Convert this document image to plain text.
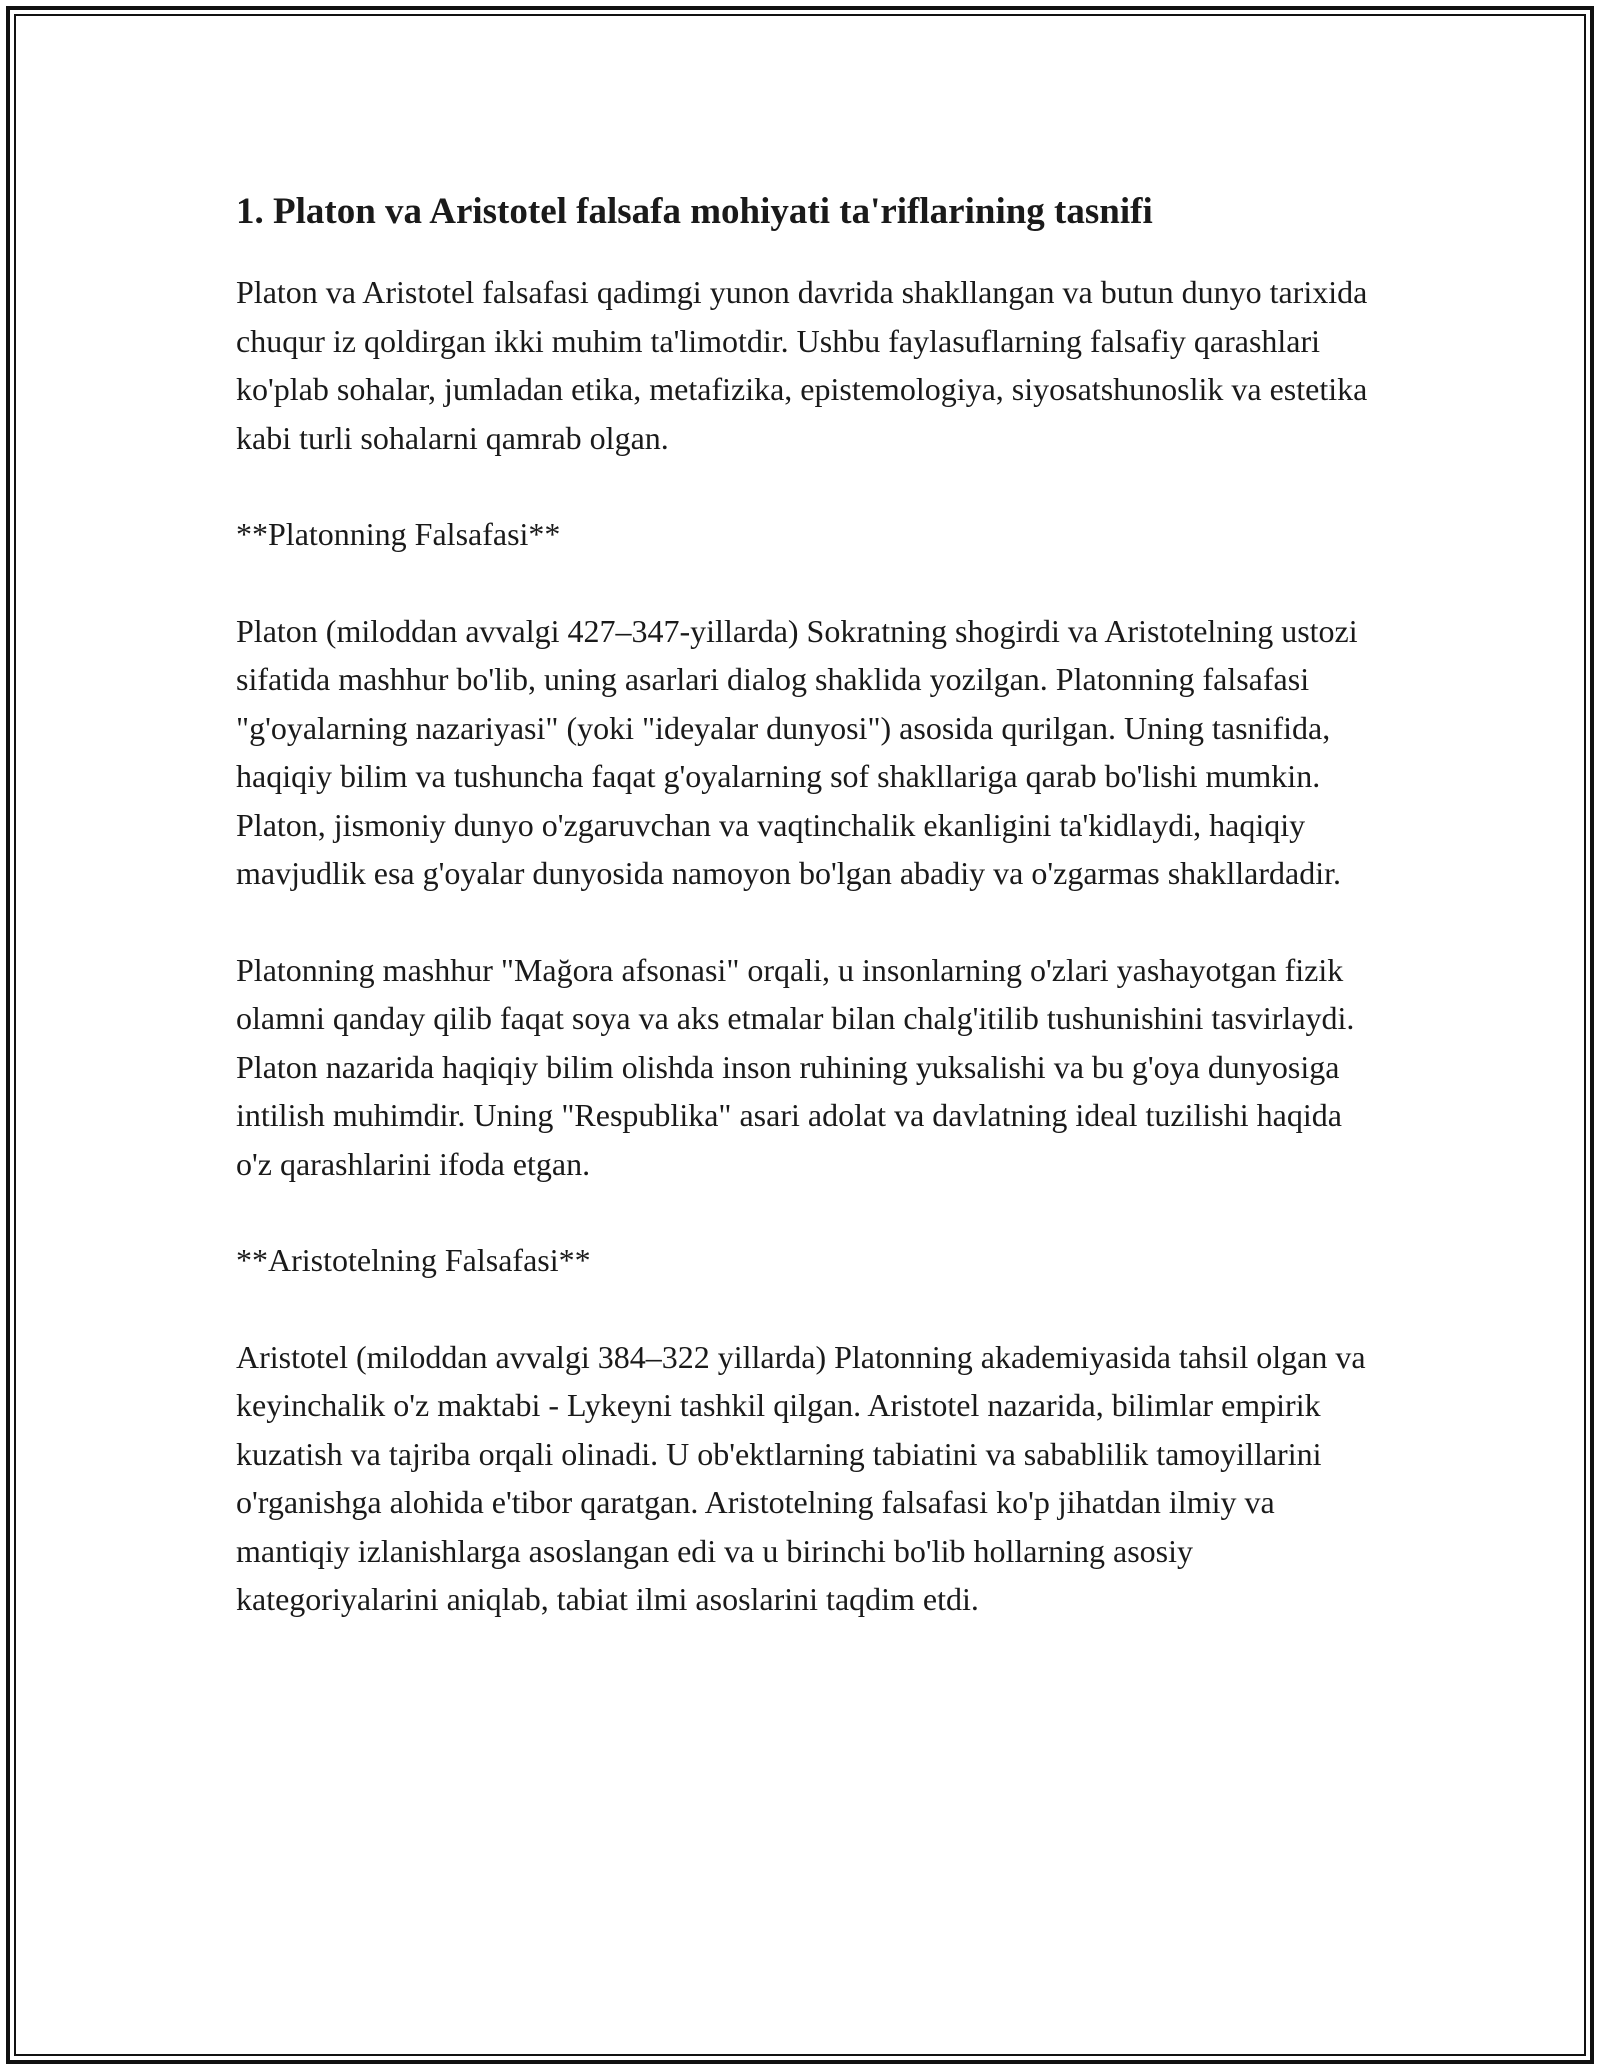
1. Platon va Aristotel falsafa mohiyati ta'riflarining tasnifi

Platon va Aristotel falsafasi qadimgi yunon davrida shakllangan va butun dunyo tarixida chuqur iz qoldirgan ikki muhim ta'limotdir. Ushbu faylasuflarning falsafiy qarashlari ko'plab sohalar, jumladan etika, metafizika, epistemologiya, siyosatshunoslik va estetika kabi turli sohalarni qamrab olgan.

**Platonning Falsafasi**

Platon (miloddan avvalgi 427–347-yillarda) Sokratning shogirdi va Aristotelning ustozi sifatida mashhur bo'lib, uning asarlari dialog shaklida yozilgan. Platonning falsafasi "g'oyalarning nazariyasi" (yoki "ideyalar dunyosi") asosida qurilgan. Uning tasnifida, haqiqiy bilim va tushuncha faqat g'oyalarning sof shakllariga qarab bo'lishi mumkin. Platon, jismoniy dunyo o'zgaruvchan va vaqtinchalik ekanligini ta'kidlaydi, haqiqiy mavjudlik esa g'oyalar dunyosida namoyon bo'lgan abadiy va o'zgarmas shakllardadir.

Platonning mashhur "Mağora afsonasi" orqali, u insonlarning o'zlari yashayotgan fizik olamni qanday qilib faqat soya va aks etmalar bilan chalg'itilib tushunishini tasvirlaydi. Platon nazarida haqiqiy bilim olishda inson ruhining yuksalishi va bu g'oya dunyosiga intilish muhimdir. Uning "Respublika" asari adolat va davlatning ideal tuzilishi haqida o'z qarashlarini ifoda etgan.

**Aristotelning Falsafasi**

Aristotel (miloddan avvalgi 384–322 yillarda) Platonning akademiyasida tahsil olgan va keyinchalik o'z maktabi - Lykeyni tashkil qilgan. Aristotel nazarida, bilimlar empirik kuzatish va tajriba orqali olinadi. U ob'ektlarning tabiatini va sabablilik tamoyillarini o'rganishga alohida e'tibor qaratgan. Aristotelning falsafasi ko'p jihatdan ilmiy va mantiqiy izlanishlarga asoslangan edi va u birinchi bo'lib hollarning asosiy kategoriyalarini aniqlab, tabiat ilmi asoslarini taqdim etdi.
